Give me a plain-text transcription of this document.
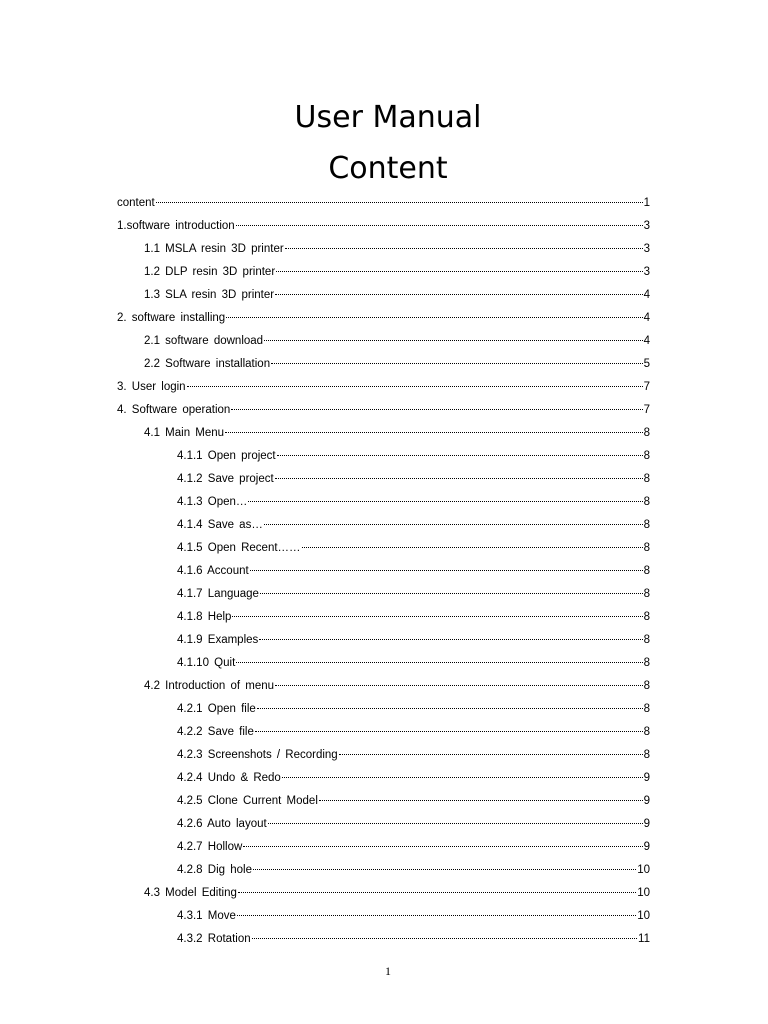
User Manual
Content
content	1
1.software introduction	3
1.1 MSLA resin 3D printer	3
1.2 DLP resin 3D printer	3
1.3 SLA resin 3D printer	4
2. software installing	4
2.1 software download	4
2.2 Software installation	5
3. User login	7
4. Software operation	7
4.1 Main Menu	8
4.1.1 Open project	8
4.1.2 Save project	8
4.1.3 Open…	8
4.1.4 Save as…	8
4.1.5 Open Recent……	8
4.1.6 Account	8
4.1.7 Language	8
4.1.8 Help	8
4.1.9 Examples	8
4.1.10 Quit	8
4.2 Introduction of menu	8
4.2.1 Open file	8
4.2.2 Save file	8
4.2.3 Screenshots / Recording	8
4.2.4 Undo & Redo	9
4.2.5 Clone Current Model	9
4.2.6 Auto layout	9
4.2.7 Hollow	9
4.2.8 Dig hole	10
4.3 Model Editing	10
4.3.1 Move	10
4.3.2 Rotation	11
1
